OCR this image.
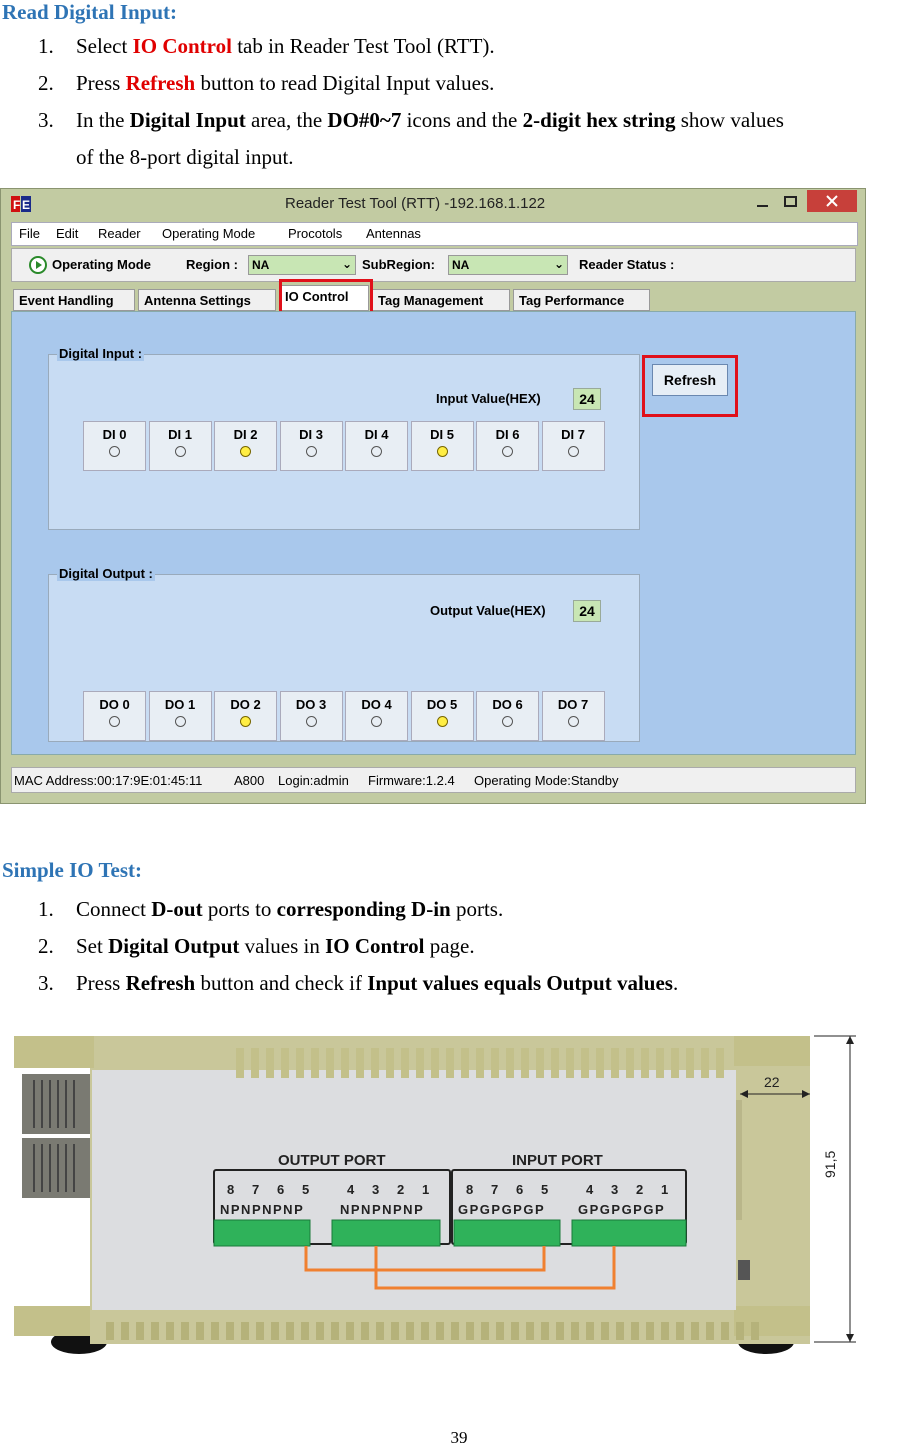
Read Digital Input:
1. Select IO Control tab in Reader Test Tool (RTT).
2. Press Refresh button to read Digital Input values.
3. In the Digital Input area, the DO#0~7 icons and the 2-digit hex string show values
of the 8-port digital input.
F E	Reader Test Tool (RTT) -192.168.1.122
File Edit Reader Operating Mode	Procotols Antennas
Operating Mode	Region :	NA	⌄ SubRegion:	NA	⌄ Reader Status :
Event Handling	Antenna Settings	IO Control	Tag Management	Tag Performance
Digital Input :
Input Value(HEX)	24
DI 0	DI 1	DI 2	DI 3	DI 4	DI 5	DI 6	DI 7
Digital Output :
Output Value(HEX)	24
DO 0	DO 1	DO 2	DO 3	DO 4	DO 5	DO 6	DO 7
Refresh
MAC Address:00:17:9E:01:45:11 A800 Login:admin Firmware:1.2.4 Operating Mode:Standby
Simple IO Test:
1. Connect D-out ports to corresponding D-in ports.
2. Set Digital Output values in IO Control page.
3. Press Refresh button and check if Input values equals Output values.
OUTPUT PORT	INPUT PORT
8 7 6 5	4 3 2 1	8 7 6 5	4 3 2 1
NPNPNPNP	NPNPNPNP	GPGPGPGP	GPGPGPGP
22
91,5
39
